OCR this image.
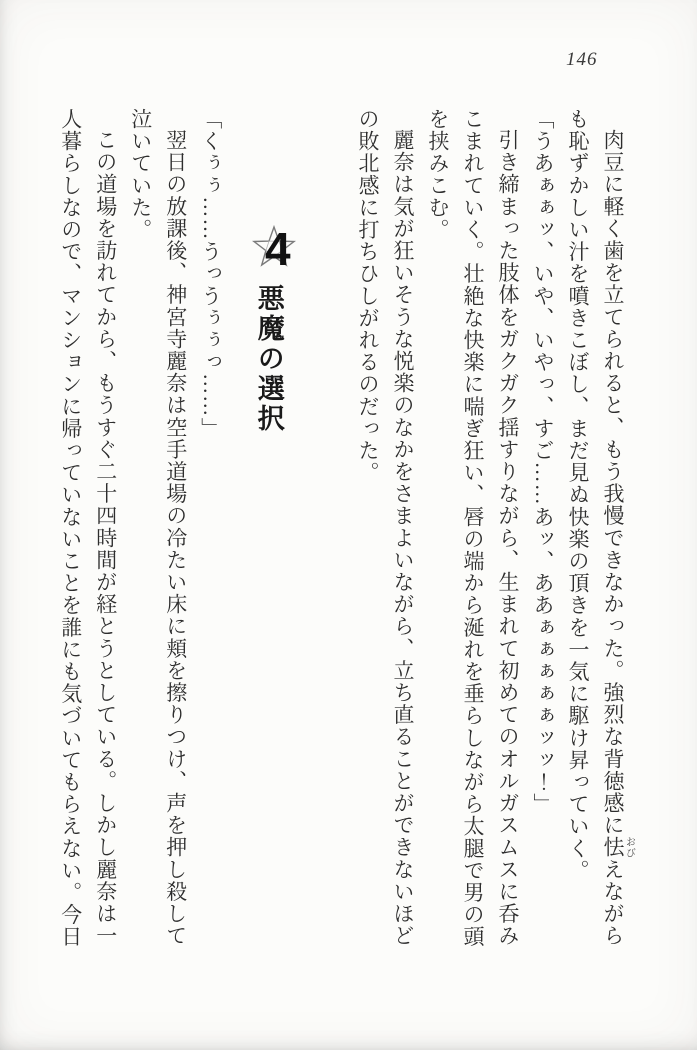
146

肉豆に軽く歯を立てられると、もう我慢できなかった。強烈な背徳感に怯おびえながらも恥ずかしい汁を噴きこぼし、まだ見ぬ快楽の頂きを一気に駆け昇っていく。

「うあぁぁッ、いや、いやっ、すご……あッ、ああぁぁぁぁぁッッ！」

引き締まった肢体をガクガク揺すりながら、生まれて初めてのオルガスムスに呑みこまれていく。壮絶な快楽に喘ぎ狂い、唇の端から涎れを垂らしながら太腿で男の頭を挟みこむ。

麗奈は気が狂いそうな悦楽のなかをさまよいながら、立ち直ることができないほどの敗北感に打ちひしがれるのだった。

4
悪魔の選択

「くぅぅ……うっうぅぅっ……」

翌日の放課後、神宮寺麗奈は空手道場の冷たい床に頬を擦りつけ、声を押し殺して泣いていた。

この道場を訪れてから、もうすぐ二十四時間が経とうとしている。しかし麗奈は一人暮らしなので、マンションに帰っていないことを誰にも気づいてもらえない。今日
